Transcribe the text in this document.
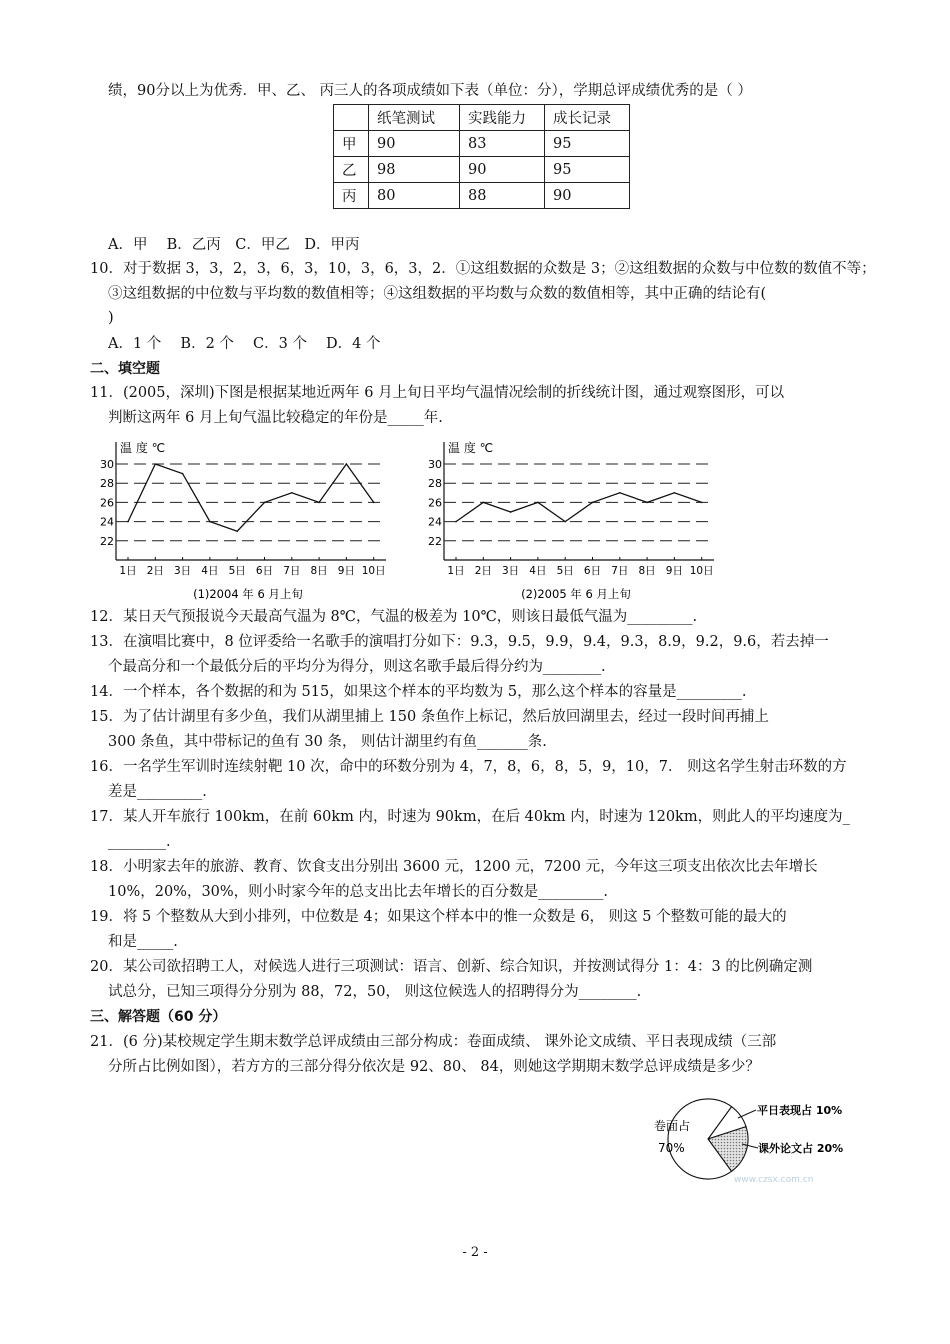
绩，90分以上为优秀．甲、乙、 丙三人的各项成绩如下表（单位：分），学期总评成绩优秀的是（ ）
	纸笔测试	实践能力	成长记录
甲	90	83	95
乙	98	90	95
丙	80	88	90
A．甲　 B．乙丙　C．甲乙　D．甲丙
10．对于数据 3，3，2，3，6，3，10，3，6，3，2．①这组数据的众数是 3；②这组数据的众数与中位数的数值不等；
③这组数据的中位数与平均数的数值相等；④这组数据的平均数与众数的数值相等，其中正确的结论有(
)
A．1 个　 B．2 个　 C．3 个　 D．4 个
二、填空题
11．(2005，深圳)下图是根据某地近两年 6 月上旬日平均气温情况绘制的折线统计图，通过观察图形，可以
判断这两年 6 月上旬气温比较稳定的年份是_____年.
温 度 ℃
22
24
26
28
30
1日 2日 3日 4日 5日 6日 7日 8日 9日 10日
(1)2004 年 6 月上旬
温 度 ℃
22
24
26
28
30
1日 2日 3日 4日 5日 6日 7日 8日 9日 10日
(2)2005 年 6 月上旬
12．某日天气预报说今天最高气温为 8℃，气温的极差为 10℃，则该日最低气温为_________.
13．在演唱比赛中，8 位评委给一名歌手的演唱打分如下：9.3，9.5，9.9，9.4，9.3，8.9，9.2，9.6，若去掉一
个最高分和一个最低分后的平均分为得分，则这名歌手最后得分约为________.
14．一个样本，各个数据的和为 515，如果这个样本的平均数为 5，那么这个样本的容量是_________.
15．为了估计湖里有多少鱼，我们从湖里捕上 150 条鱼作上标记，然后放回湖里去，经过一段时间再捕上
300 条鱼，其中带标记的鱼有 30 条， 则估计湖里约有鱼_______条.
16．一名学生军训时连续射靶 10 次，命中的环数分别为 4，7，8，6，8，5，9，10，7． 则这名学生射击环数的方
差是_________.
17．某人开车旅行 100km，在前 60km 内，时速为 90km，在后 40km 内，时速为 120km，则此人的平均速度为_
________.
18．小明家去年的旅游、教育、饮食支出分别出 3600 元，1200 元，7200 元，今年这三项支出依次比去年增长
10%，20%，30%，则小时家今年的总支出比去年增长的百分数是_________.
19．将 5 个整数从大到小排列，中位数是 4；如果这个样本中的惟一众数是 6， 则这 5 个整数可能的最大的
和是_____.
20．某公司欲招聘工人，对候选人进行三项测试：语言、创新、综合知识，并按测试得分 1：4：3 的比例确定测
试总分，已知三项得分分别为 88，72，50， 则这位候选人的招聘得分为________.
三、解答题（60 分）
21．(6 分)某校规定学生期末数学总评成绩由三部分构成：卷面成绩、 课外论文成绩、平日表现成绩（三部
分所占比例如图），若方方的三部分得分依次是 92、80、 84，则她这学期期末数学总评成绩是多少？
卷面占
70%
平日表现占 10%
课外论文占 20%
www.czsx.com.cn
- 2 -
